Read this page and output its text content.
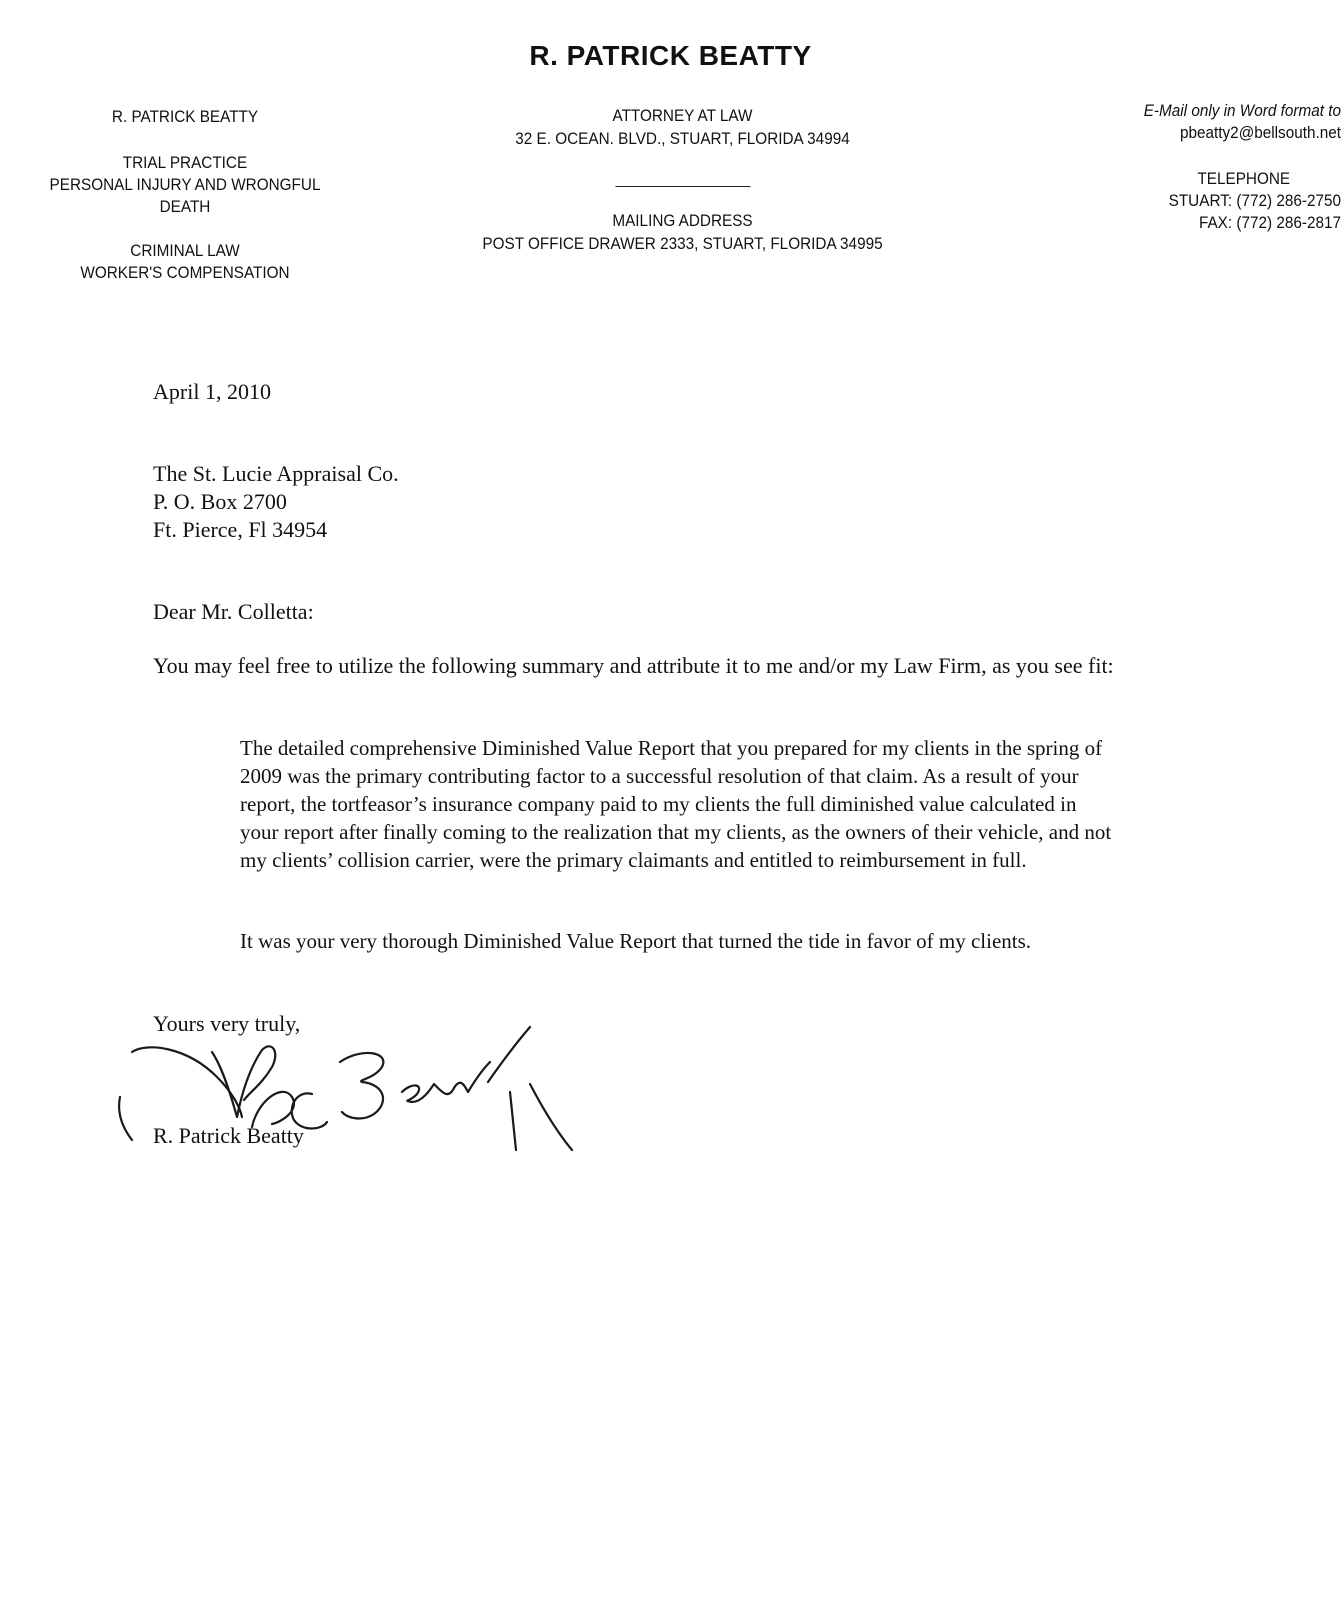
R. PATRICK BEATTY
R. PATRICK BEATTY
TRIAL PRACTICE
PERSONAL INJURY AND WRONGFUL DEATH
CRIMINAL LAW
WORKER'S COMPENSATION
ATTORNEY AT LAW
32 E. OCEAN. BLVD., STUART, FLORIDA 34994
MAILING ADDRESS
POST OFFICE DRAWER 2333, STUART, FLORIDA 34995
E-Mail only in Word format to
pbeatty2@bellsouth.net
TELEPHONE
STUART: (772) 286-2750
FAX: (772) 286-2817
April 1, 2010
The St. Lucie Appraisal Co.
P. O. Box 2700
Ft. Pierce, Fl 34954
Dear Mr. Colletta:
You may feel free to utilize the following summary and attribute it to me and/or my Law Firm, as you see fit:
The detailed comprehensive Diminished Value Report that you prepared for my clients in the spring of 2009 was the primary contributing factor to a successful resolution of that claim. As a result of your report, the tortfeasor’s insurance company paid to my clients the full diminished value calculated in your report after finally coming to the realization that my clients, as the owners of their vehicle, and not my clients’ collision carrier, were the primary claimants and entitled to reimbursement in full.
It was your very thorough Diminished Value Report that turned the tide in favor of my clients.
Yours very truly,
R. Patrick Beatty
